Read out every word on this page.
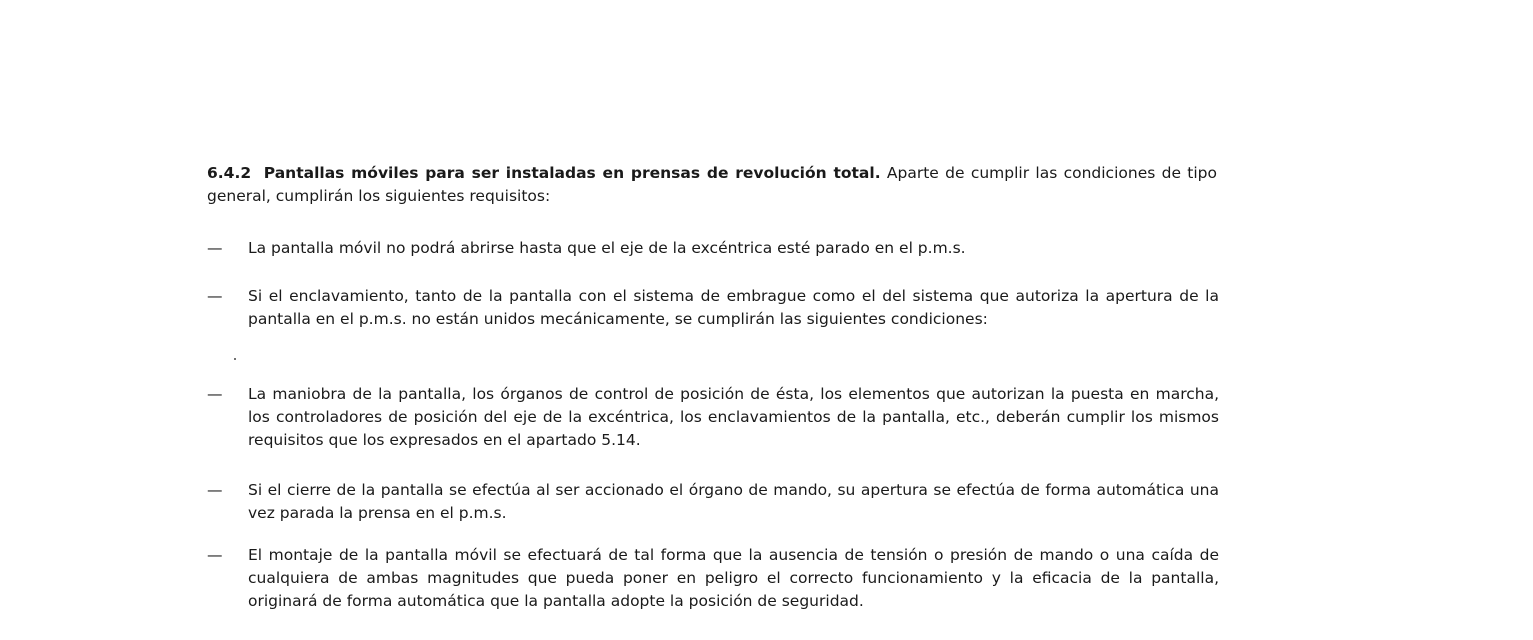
6.4.2 Pantallas móviles para ser instaladas en prensas de revolución total. Aparte de cumplir las condiciones de tipo general, cumplirán los siguientes requisitos:
— La pantalla móvil no podrá abrirse hasta que el eje de la excéntrica esté parado en el p.m.s.
— Si el enclavamiento, tanto de la pantalla con el sistema de embrague como el del sistema que autoriza la apertura de la pantalla en el p.m.s. no están unidos mecánicamente, se cumplirán las siguientes condiciones:
— La maniobra de la pantalla, los órganos de control de posición de ésta, los elementos que autorizan la puesta en marcha, los controladores de posición del eje de la excéntrica, los enclavamientos de la pantalla, etc., deberán cumplir los mismos requisitos que los expresados en el apartado 5.14.
— Si el cierre de la pantalla se efectúa al ser accionado el órgano de mando, su apertura se efectúa de forma automática una vez parada la prensa en el p.m.s.
— El montaje de la pantalla móvil se efectuará de tal forma que la ausencia de tensión o presión de mando o una caída de cualquiera de ambas magnitudes que pueda poner en peligro el correcto funcionamiento y la eficacia de la pantalla, originará de forma automática que la pantalla adopte la posición de seguridad.
